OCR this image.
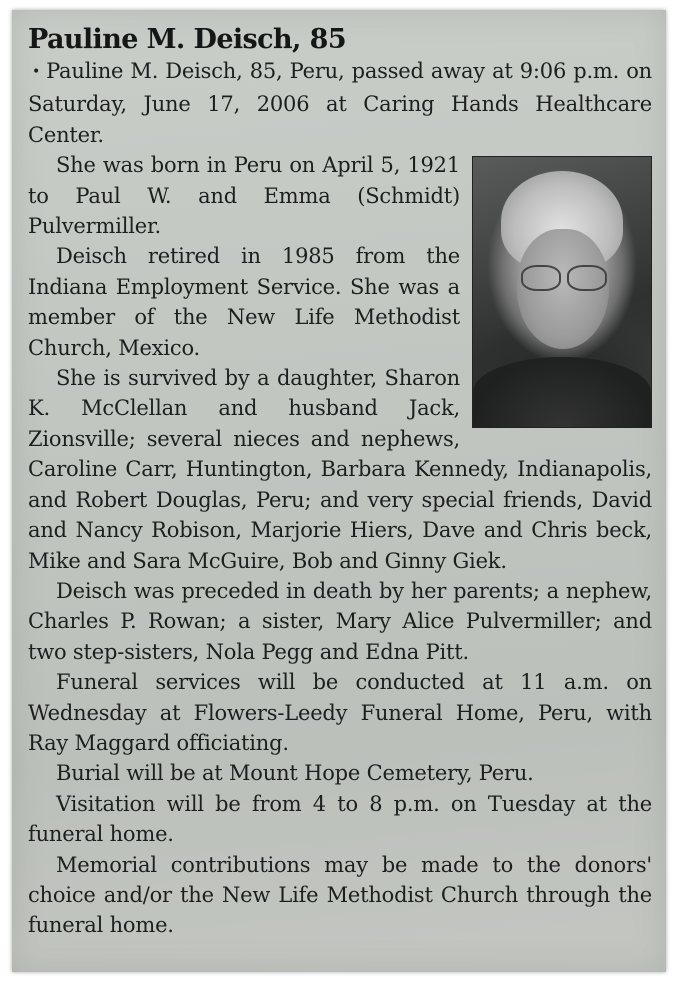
Pauline M. Deisch, 85

• Pauline M. Deisch, 85, Peru, passed away at 9:06 p.m. on Saturday, June 17, 2006 at Caring Hands Healthcare Center.

She was born in Peru on April 5, 1921 to Paul W. and Emma (Schmidt) Pulvermiller.

Deisch retired in 1985 from the Indiana Employment Service. She was a member of the New Life Methodist Church, Mexico.

She is survived by a daughter, Sharon K. McClellan and husband Jack, Zionsville; several nieces and nephews, Caroline Carr, Huntington, Barbara Kennedy, Indianapolis, and Robert Douglas, Peru; and very special friends, David and Nancy Robison, Marjorie Hiers, Dave and Chris beck, Mike and Sara McGuire, Bob and Ginny Giek.

Deisch was preceded in death by her parents; a nephew, Charles P. Rowan; a sister, Mary Alice Pulvermiller; and two step-sisters, Nola Pegg and Edna Pitt.

Funeral services will be conducted at 11 a.m. on Wednesday at Flowers-Leedy Funeral Home, Peru, with Ray Maggard officiating.

Burial will be at Mount Hope Cemetery, Peru.

Visitation will be from 4 to 8 p.m. on Tuesday at the funeral home.

Memorial contributions may be made to the donors' choice and/or the New Life Methodist Church through the funeral home.
